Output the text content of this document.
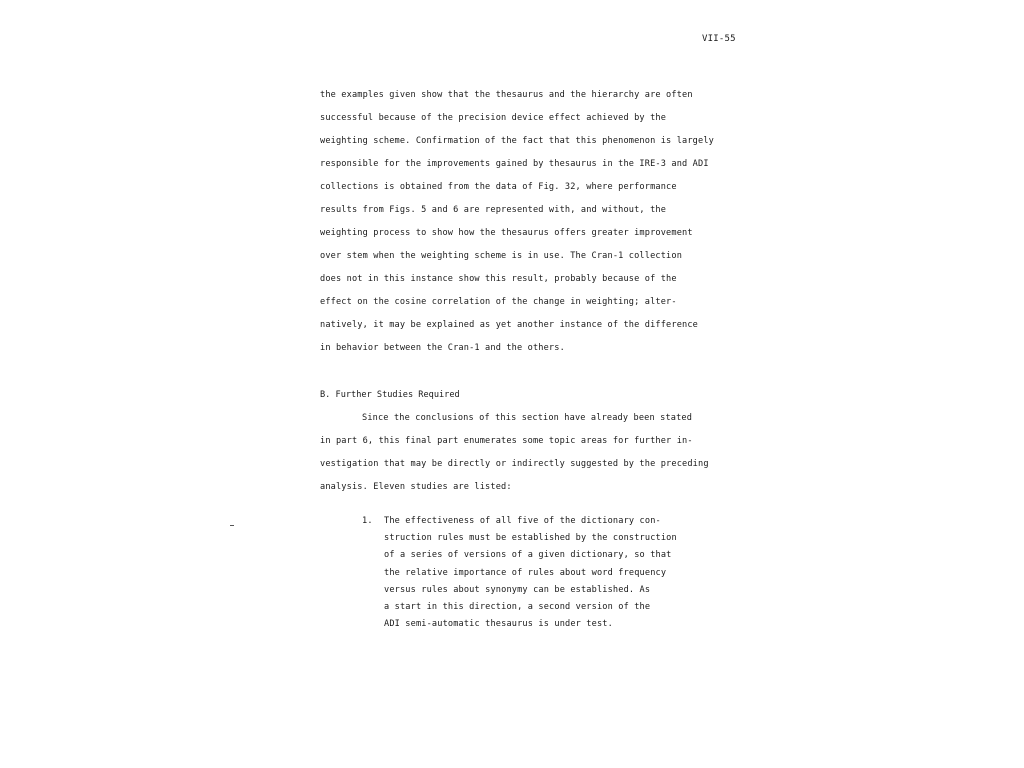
VII-55
the examples given show that the thesaurus and the hierarchy are often
successful because of the precision device effect achieved by the
weighting scheme. Confirmation of the fact that this phenomenon is largely
responsible for the improvements gained by thesaurus in the IRE-3 and ADI
collections is obtained from the data of Fig. 32, where performance
results from Figs. 5 and 6 are represented with, and without, the
weighting process to show how the thesaurus offers greater improvement
over stem when the weighting scheme is in use. The Cran-1 collection
does not in this instance show this result, probably because of the
effect on the cosine correlation of the change in weighting; alter-
natively, it may be explained as yet another instance of the difference
in behavior between the Cran-1 and the others.
B. Further Studies Required
Since the conclusions of this section have already been stated
in part 6, this final part enumerates some topic areas for further in-
vestigation that may be directly or indirectly suggested by the preceding
analysis. Eleven studies are listed:
1. The effectiveness of all five of the dictionary con-
struction rules must be established by the construction
of a series of versions of a given dictionary, so that
the relative importance of rules about word frequency
versus rules about synonymy can be established. As
a start in this direction, a second version of the
ADI semi-automatic thesaurus is under test.
